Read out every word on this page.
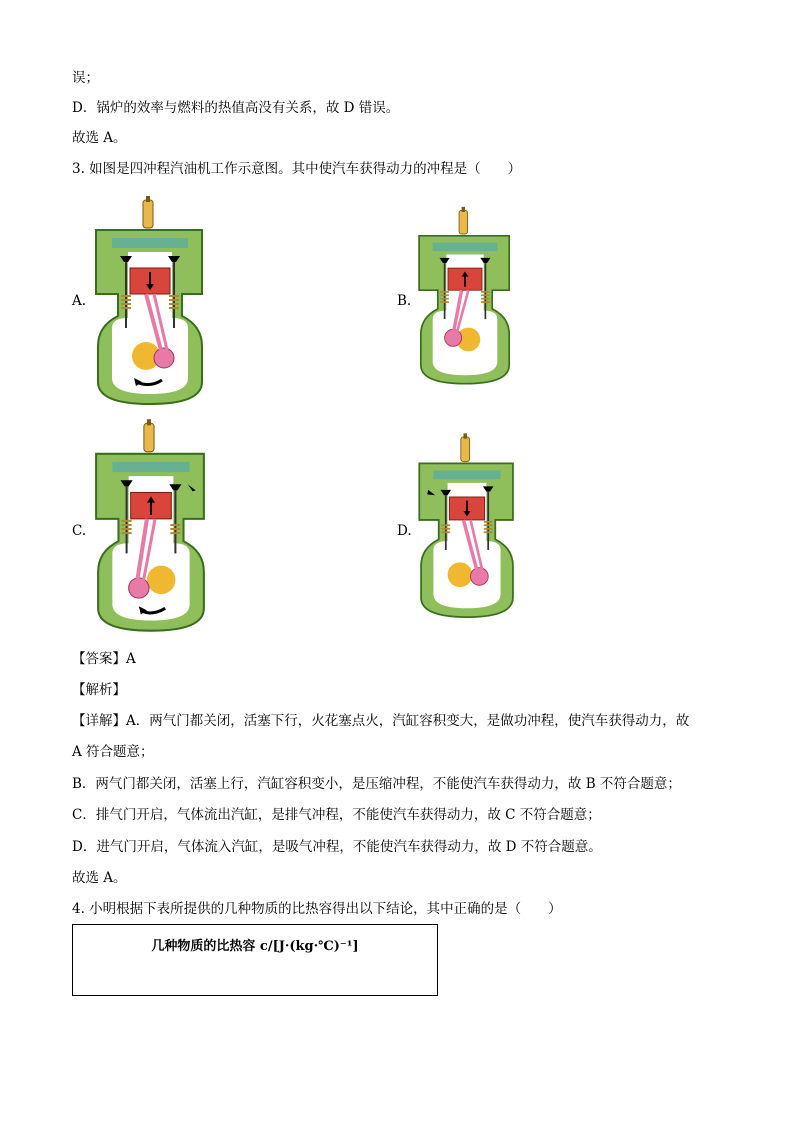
误；
D．锅炉的效率与燃料的热值高没有关系，故 D 错误。
故选 A。
3. 如图是四冲程汽油机工作示意图。其中使汽车获得动力的冲程是（　　）
A.	B.
C.	D.
【答案】A
【解析】
【详解】A．两气门都关闭，活塞下行，火花塞点火，汽缸容积变大，是做功冲程，使汽车获得动力，故
A 符合题意；
B．两气门都关闭，活塞上行，汽缸容积变小，是压缩冲程，不能使汽车获得动力，故 B 不符合题意；
C．排气门开启，气体流出汽缸，是排气冲程，不能使汽车获得动力，故 C 不符合题意；
D．进气门开启，气体流入汽缸，是吸气冲程，不能使汽车获得动力，故 D 不符合题意。
故选 A。
4. 小明根据下表所提供的几种物质的比热容得出以下结论，其中正确的是（　　）
几种物质的比热容 c/[J·(kg·℃)⁻¹]
